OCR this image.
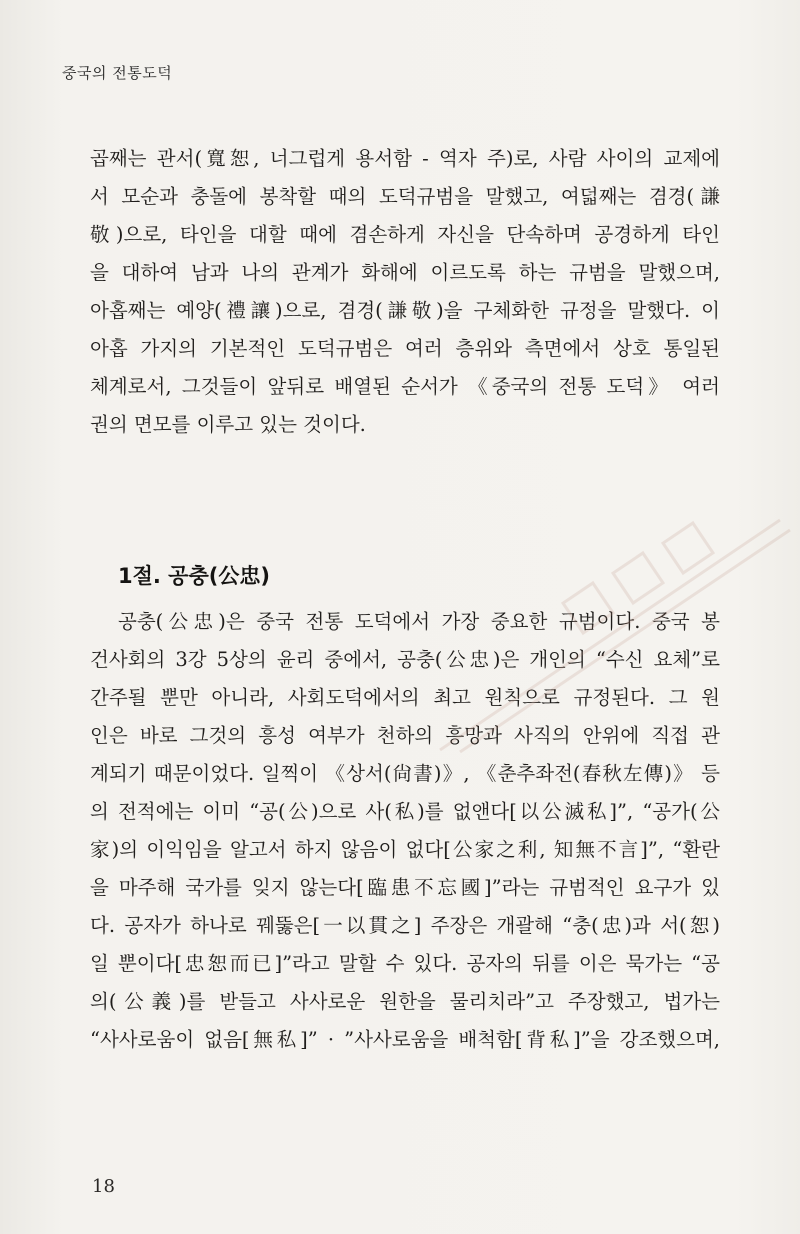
중국의 전통도덕
곱째는 관서(寬恕, 너그럽게 용서함 - 역자 주)로, 사람 사이의 교제에
서 모순과 충돌에 봉착할 때의 도덕규범을 말했고, 여덟째는 겸경(謙
敬)으로, 타인을 대할 때에 겸손하게 자신을 단속하며 공경하게 타인
을 대하여 남과 나의 관계가 화해에 이르도록 하는 규범을 말했으며,
아홉째는 예양(禮讓)으로, 겸경(謙敬)을 구체화한 규정을 말했다. 이
아홉 가지의 기본적인 도덕규범은 여러 층위와 측면에서 상호 통일된
체계로서, 그것들이 앞뒤로 배열된 순서가 《중국의 전통 도덕》 여러
권의 면모를 이루고 있는 것이다.
1절. 공충(公忠)
공충(公忠)은 중국 전통 도덕에서 가장 중요한 규범이다. 중국 봉
건사회의 3강 5상의 윤리 중에서, 공충(公忠)은 개인의 “수신 요체”로
간주될 뿐만 아니라, 사회도덕에서의 최고 원칙으로 규정된다. 그 원
인은 바로 그것의 흥성 여부가 천하의 흥망과 사직의 안위에 직접 관
계되기 때문이었다. 일찍이 《상서(尙書)》, 《춘추좌전(春秋左傳)》 등
의 전적에는 이미 “공(公)으로 사(私)를 없앤다[以公滅私]”, “공가(公
家)의 이익임을 알고서 하지 않음이 없다[公家之利, 知無不言]”, “환란
을 마주해 국가를 잊지 않는다[臨患不忘國]”라는 규범적인 요구가 있
다. 공자가 하나로 꿰뚫은[一以貫之] 주장은 개괄해 “충(忠)과 서(恕)
일 뿐이다[忠恕而已]”라고 말할 수 있다. 공자의 뒤를 이은 묵가는 “공
의(公義)를 받들고 사사로운 원한을 물리치라”고 주장했고, 법가는
“사사로움이 없음[無私]” · ”사사로움을 배척함[背私]”을 강조했으며,
18
